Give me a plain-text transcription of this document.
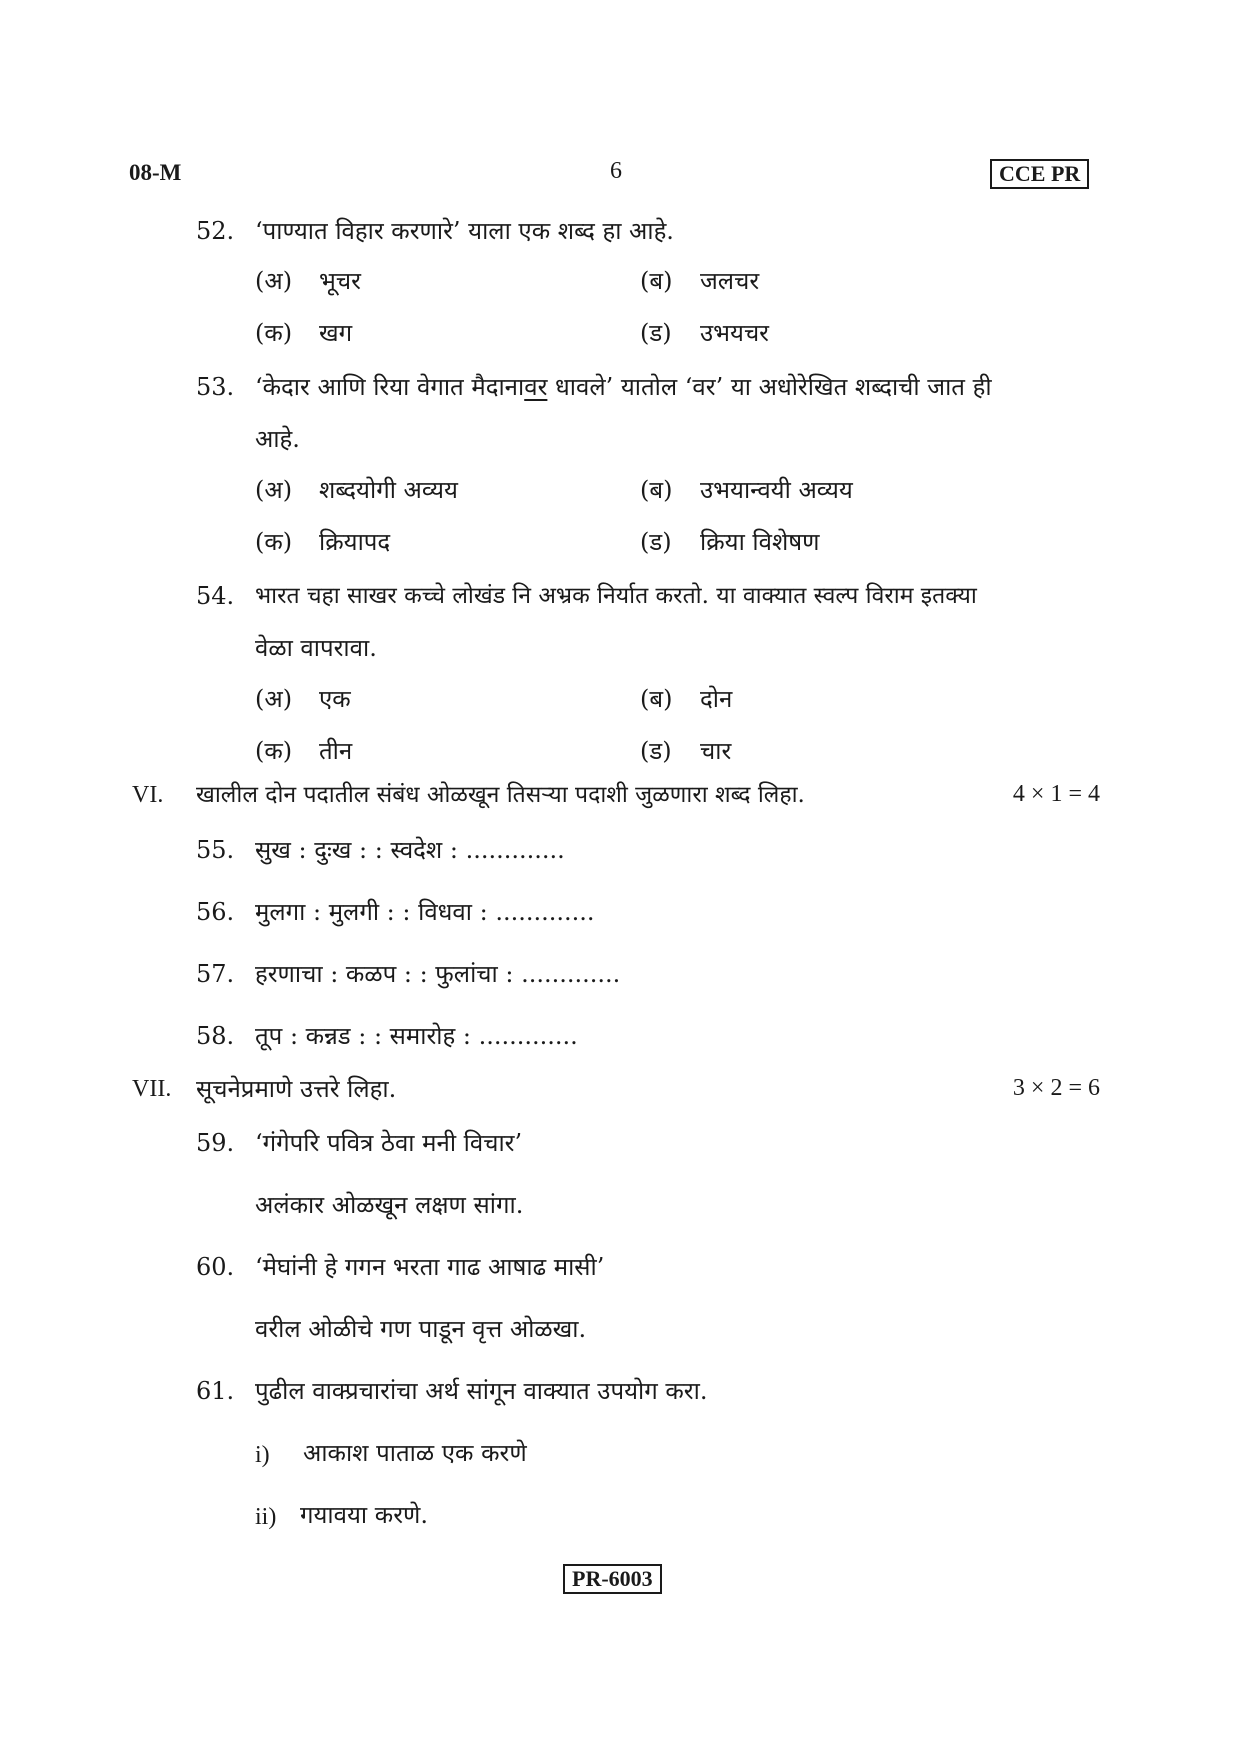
08-M	6	CCE PR
52. ‘पाण्यात विहार करणारे’ याला एक शब्द हा आहे.
(अ) भूचर	(ब) जलचर
(क) खग	(ड) उभयचर
53. ‘केदार आणि रिया वेगात मैदानावर धावले’ यातोल ‘वर’ या अधोरेखित शब्दाची जात ही
आहे.
(अ) शब्दयोगी अव्यय	(ब) उभयान्वयी अव्यय
(क) क्रियापद	(ड) क्रिया विशेषण
54. भारत चहा साखर कच्चे लोखंड नि अभ्रक निर्यात करतो. या वाक्यात स्वल्प विराम इतक्या
वेळा वापरावा.
(अ) एक	(ब) दोन
(क) तीन	(ड) चार
VI. खालील दोन पदातील संबंध ओळखून तिसऱ्या पदाशी जुळणारा शब्द लिहा.	4 × 1 = 4
55. सुख : दुःख : : स्वदेश : .............
56. मुलगा : मुलगी : : विधवा : .............
57. हरणाचा : कळप : : फुलांचा : .............
58. तूप : कन्नड : : समारोह : .............
VII. सूचनेप्रमाणे उत्तरे लिहा.	3 × 2 = 6
59. ‘गंगेपरि पवित्र ठेवा मनी विचार’
अलंकार ओळखून लक्षण सांगा.
60. ‘मेघांनी हे गगन भरता गाढ आषाढ मासी’
वरील ओळीचे गण पाडून वृत्त ओळखा.
61. पुढील वाक्प्रचारांचा अर्थ सांगून वाक्यात उपयोग करा.
i) आकाश पाताळ एक करणे
ii) गयावया करणे.
PR-6003
